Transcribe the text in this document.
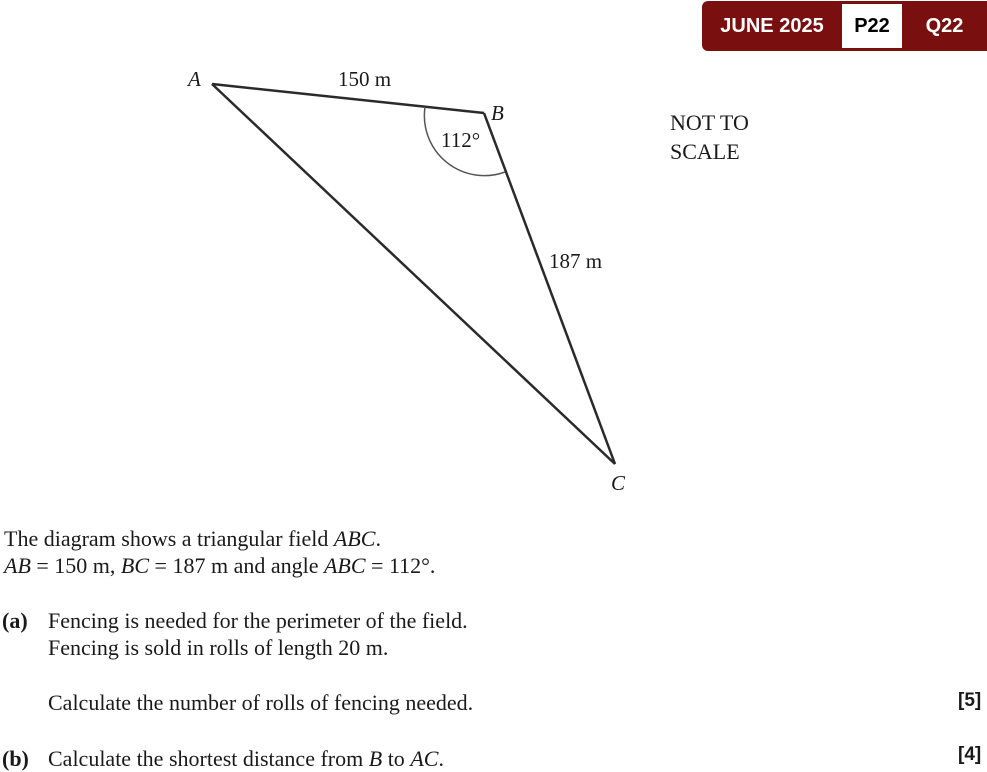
JUNE 2025	P22	Q22
A
B
C
150 m
187 m
112°
NOT TO
SCALE
The diagram shows a triangular field ABC.
AB = 150 m, BC = 187 m and angle ABC = 112°.
(a) Fencing is needed for the perimeter of the field.
Fencing is sold in rolls of length 20 m.
Calculate the number of rolls of fencing needed.	[5]
(b) Calculate the shortest distance from B to AC.	[4]
